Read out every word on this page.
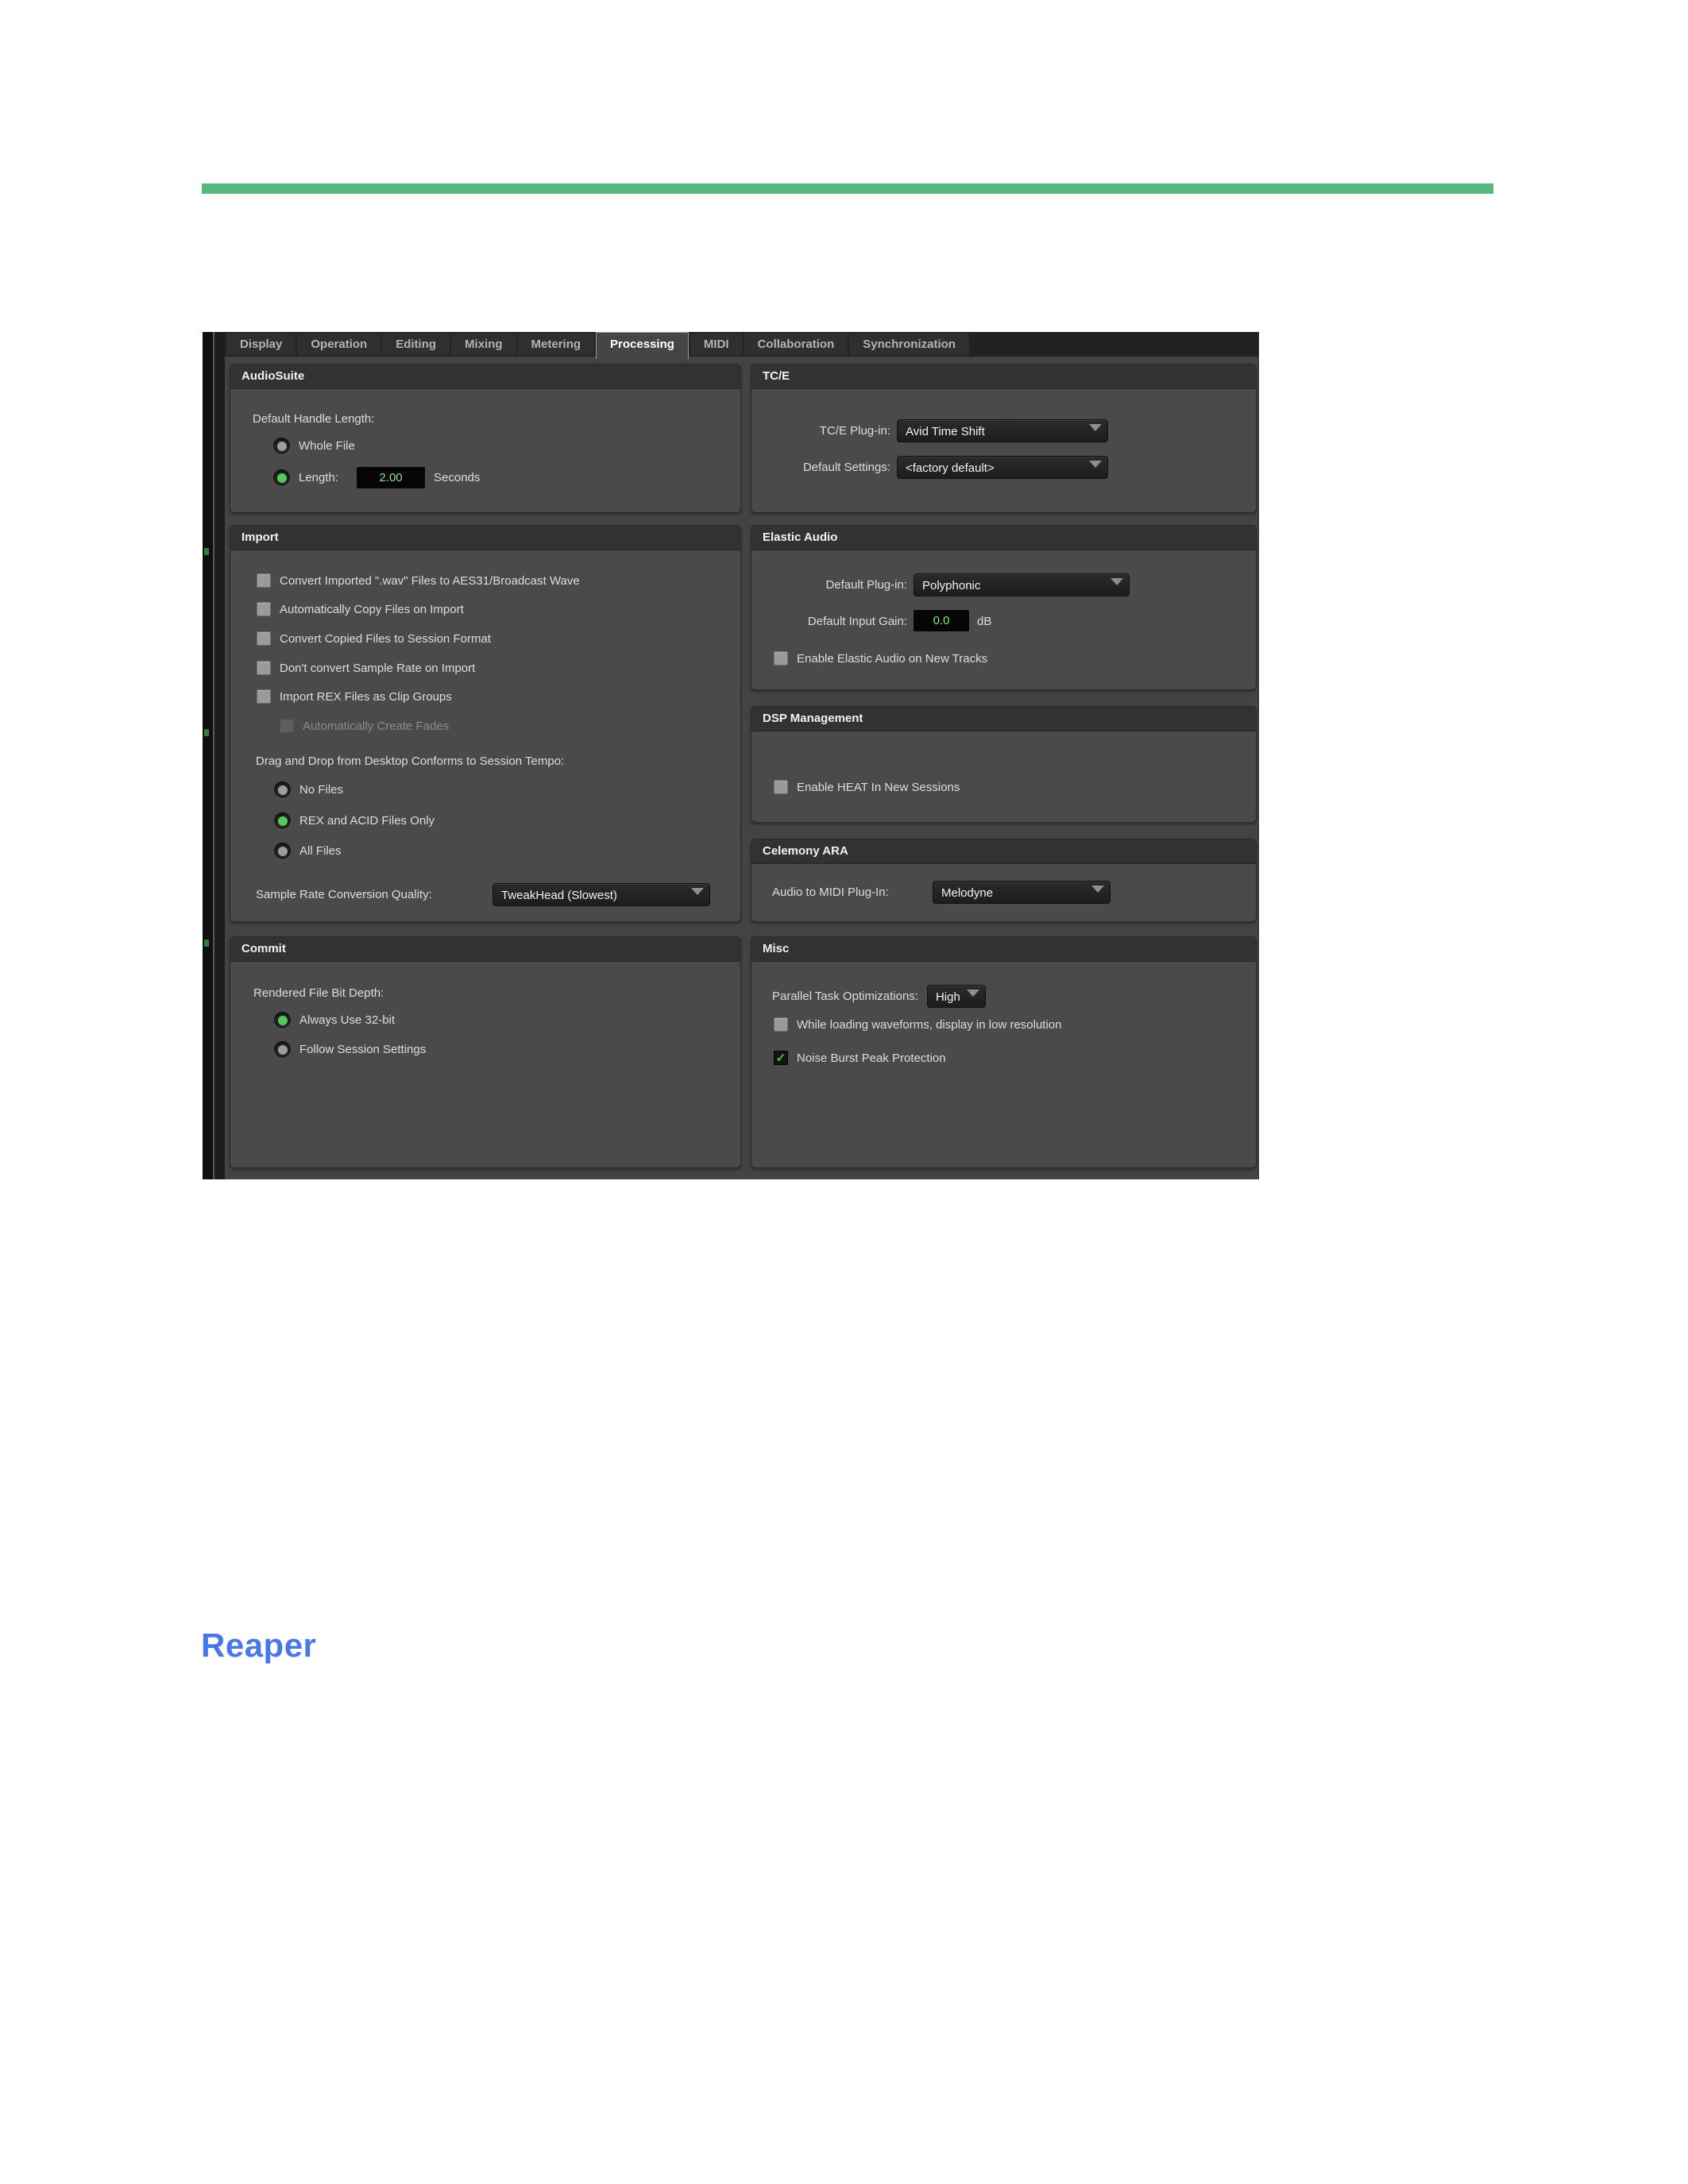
Display	Operation	Editing	Mixing	Metering	Processing	MIDI	Collaboration	Synchronization
AudioSuite
Default Handle Length:
Whole File
Length:	2.00	Seconds
TC/E
TC/E Plug-in:	Avid Time Shift
Default Settings:	<factory default>
Import
Convert Imported ".wav" Files to AES31/Broadcast Wave
Automatically Copy Files on Import
Convert Copied Files to Session Format
Don't convert Sample Rate on Import
Import REX Files as Clip Groups
Automatically Create Fades
Drag and Drop from Desktop Conforms to Session Tempo:
No Files
REX and ACID Files Only
All Files
Sample Rate Conversion Quality:	TweakHead (Slowest)
Elastic Audio
Default Plug-in:	Polyphonic
Default Input Gain:	0.0	dB
Enable Elastic Audio on New Tracks
DSP Management
Enable HEAT In New Sessions
Celemony ARA
Audio to MIDI Plug-In:	Melodyne
Commit
Rendered File Bit Depth:
Always Use 32-bit
Follow Session Settings
Misc
Parallel Task Optimizations:	High
While loading waveforms, display in low resolution
✓ Noise Burst Peak Protection
Reaper
